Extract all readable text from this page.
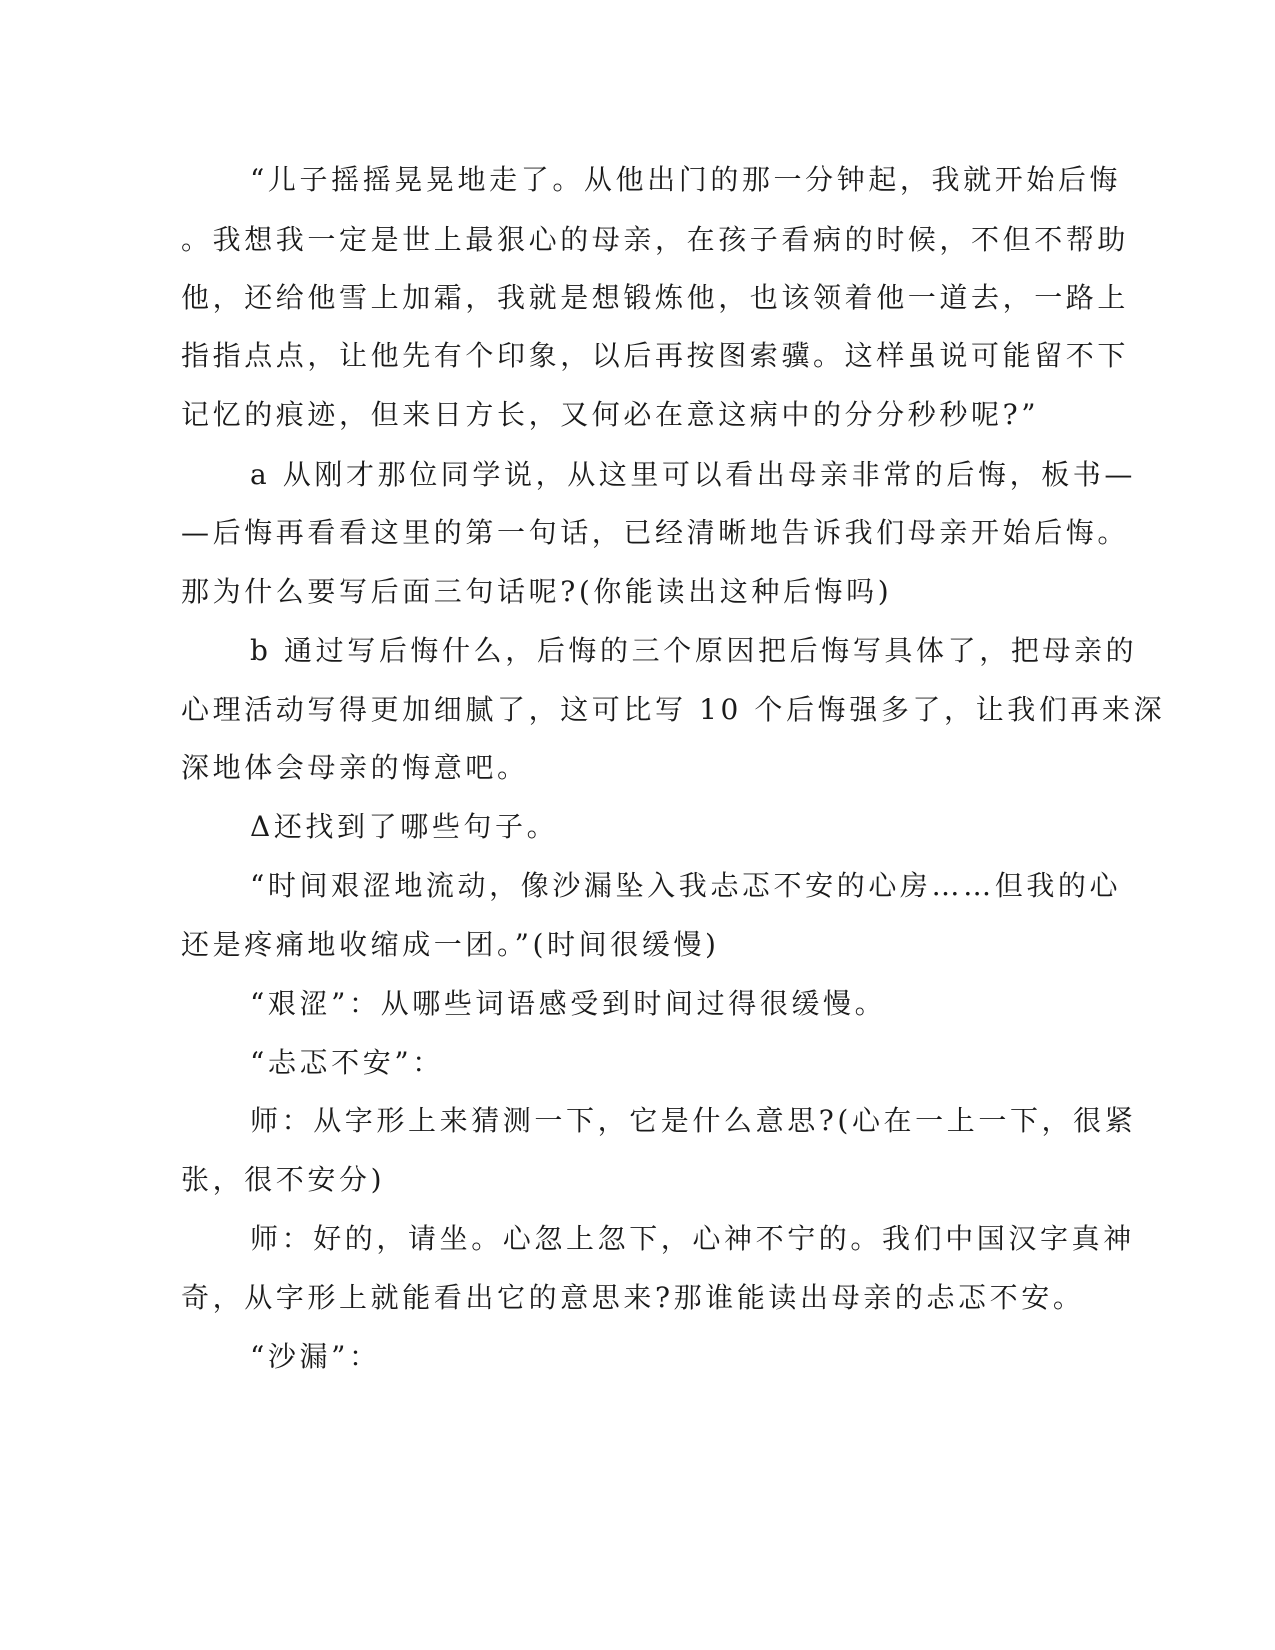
“儿子摇摇晃晃地走了。从他出门的那一分钟起，我就开始后悔
。我想我一定是世上最狠心的母亲，在孩子看病的时候，不但不帮助
他，还给他雪上加霜，我就是想锻炼他，也该领着他一道去，一路上
指指点点，让他先有个印象，以后再按图索骥。这样虽说可能留不下
记忆的痕迹，但来日方长，又何必在意这病中的分分秒秒呢?”
a 从刚才那位同学说，从这里可以看出母亲非常的后悔，板书—
—后悔再看看这里的第一句话，已经清晰地告诉我们母亲开始后悔。
那为什么要写后面三句话呢?(你能读出这种后悔吗)
b 通过写后悔什么，后悔的三个原因把后悔写具体了，把母亲的
心理活动写得更加细腻了，这可比写 10 个后悔强多了，让我们再来深
深地体会母亲的悔意吧。
Δ还找到了哪些句子。
“时间艰涩地流动，像沙漏坠入我忐忑不安的心房……但我的心
还是疼痛地收缩成一团。”(时间很缓慢)
“艰涩”：从哪些词语感受到时间过得很缓慢。
“忐忑不安”：
师：从字形上来猜测一下，它是什么意思?(心在一上一下，很紧
张，很不安分)
师：好的，请坐。心忽上忽下，心神不宁的。我们中国汉字真神
奇，从字形上就能看出它的意思来?那谁能读出母亲的忐忑不安。
“沙漏”：
